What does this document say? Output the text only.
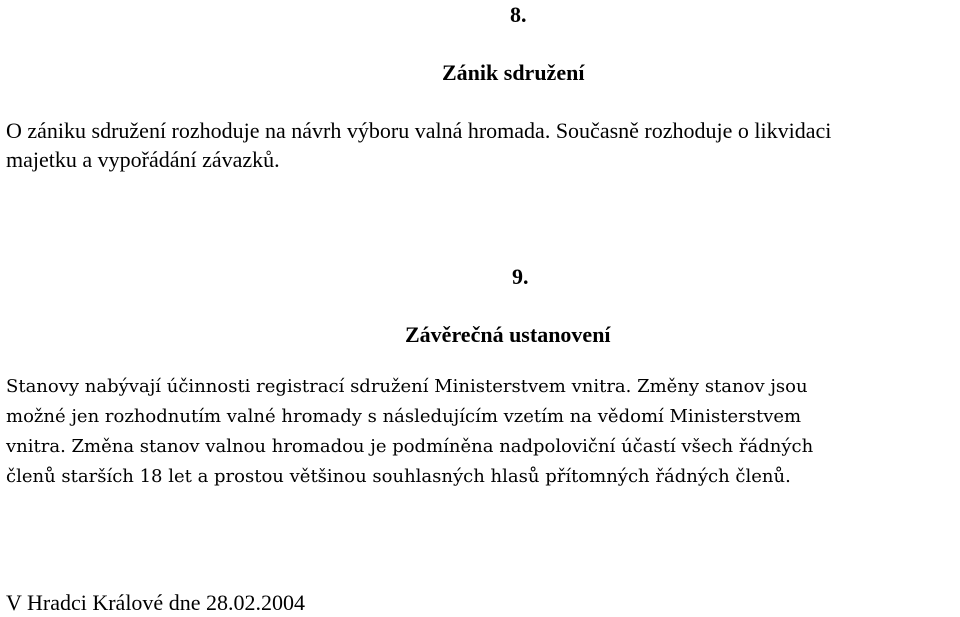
8.
Zánik sdružení
O zániku sdružení rozhoduje na návrh výboru valná hromada. Současně rozhoduje o likvidaci
majetku a vypořádání závazků.
9.
Závěrečná ustanovení
Stanovy nabývají účinnosti registrací sdružení Ministerstvem vnitra. Změny stanov jsou
možné jen rozhodnutím valné hromady s následujícím vzetím na vědomí Ministerstvem
vnitra. Změna stanov valnou hromadou je podmíněna nadpoloviční účastí všech řádných
členů starších 18 let a prostou většinou souhlasných hlasů přítomných řádných členů.
V Hradci Králové dne 28.02.2004
